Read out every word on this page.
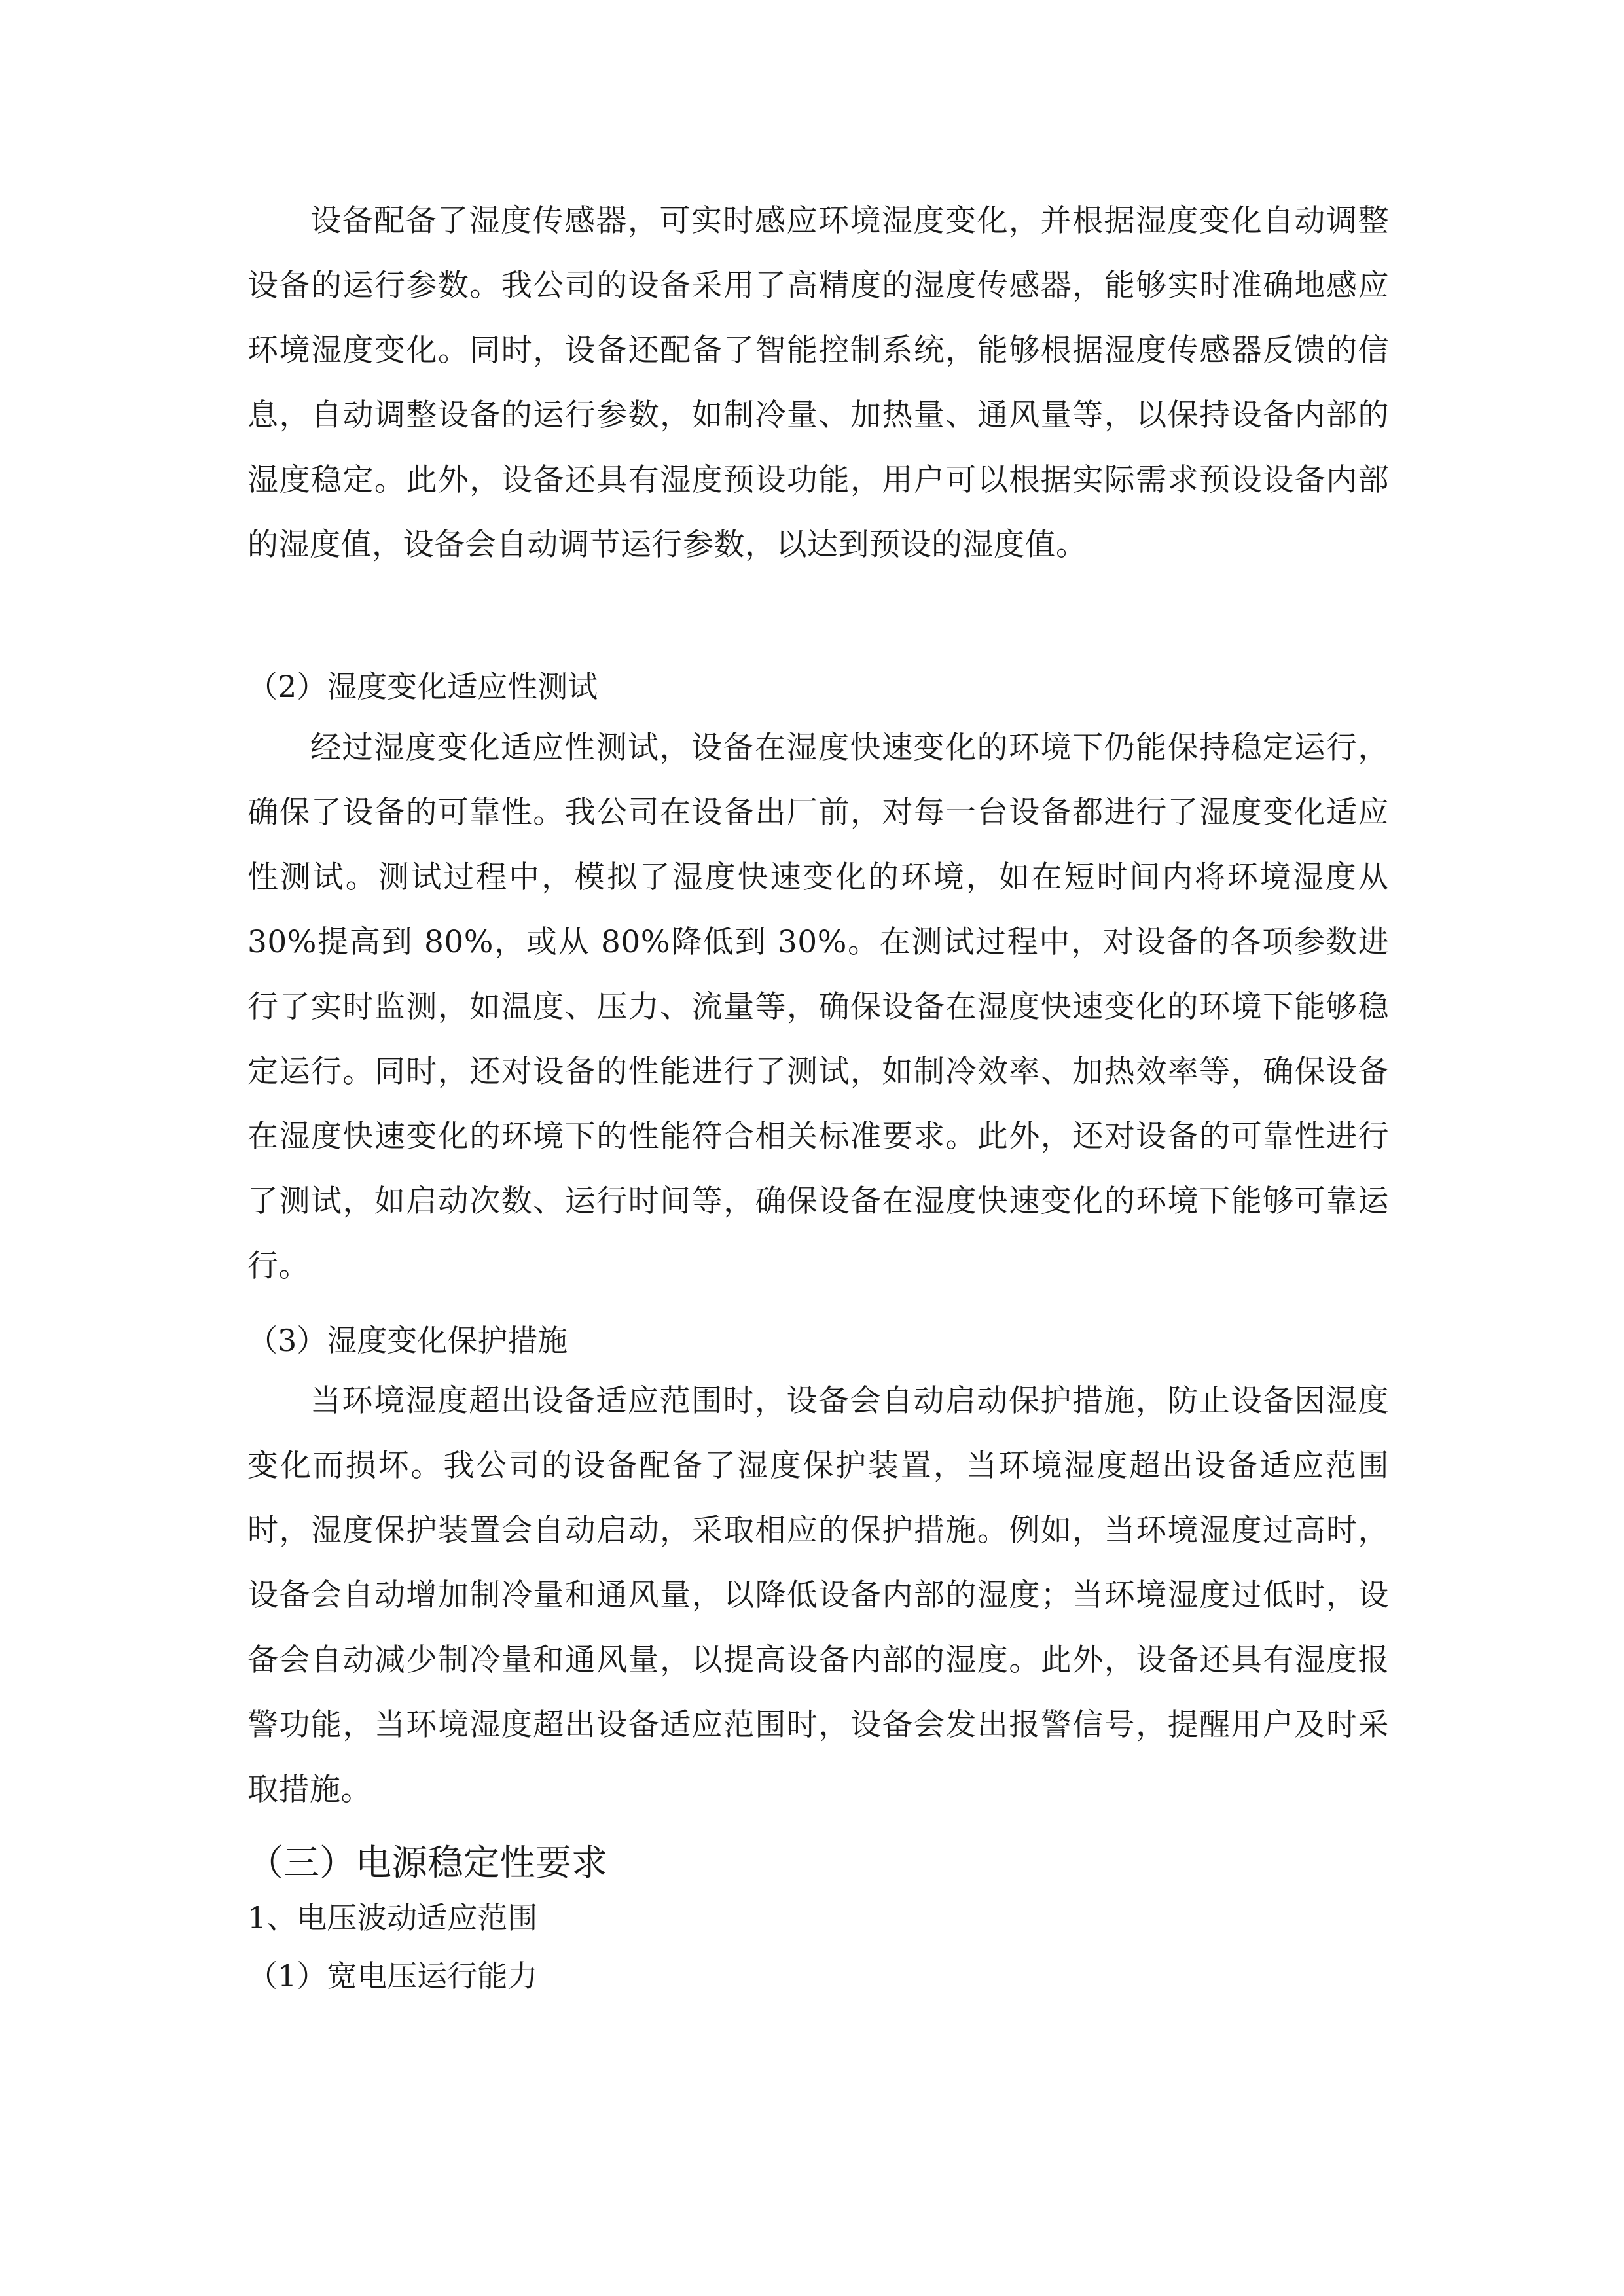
设备配备了湿度传感器，可实时感应环境湿度变化，并根据湿度变化自动调整设备的运行参数。我公司的设备采用了高精度的湿度传感器，能够实时准确地感应环境湿度变化。同时，设备还配备了智能控制系统，能够根据湿度传感器反馈的信息，自动调整设备的运行参数，如制冷量、加热量、通风量等，以保持设备内部的湿度稳定。此外，设备还具有湿度预设功能，用户可以根据实际需求预设设备内部的湿度值，设备会自动调节运行参数，以达到预设的湿度值。

（2）湿度变化适应性测试

经过湿度变化适应性测试，设备在湿度快速变化的环境下仍能保持稳定运行，确保了设备的可靠性。我公司在设备出厂前，对每一台设备都进行了湿度变化适应性测试。测试过程中，模拟了湿度快速变化的环境，如在短时间内将环境湿度从 30%提高到 80%，或从 80%降低到 30%。在测试过程中，对设备的各项参数进行了实时监测，如温度、压力、流量等，确保设备在湿度快速变化的环境下能够稳定运行。同时，还对设备的性能进行了测试，如制冷效率、加热效率等，确保设备在湿度快速变化的环境下的性能符合相关标准要求。此外，还对设备的可靠性进行了测试，如启动次数、运行时间等，确保设备在湿度快速变化的环境下能够可靠运行。

（3）湿度变化保护措施

当环境湿度超出设备适应范围时，设备会自动启动保护措施，防止设备因湿度变化而损坏。我公司的设备配备了湿度保护装置，当环境湿度超出设备适应范围时，湿度保护装置会自动启动，采取相应的保护措施。例如，当环境湿度过高时，设备会自动增加制冷量和通风量，以降低设备内部的湿度；当环境湿度过低时，设备会自动减少制冷量和通风量，以提高设备内部的湿度。此外，设备还具有湿度报警功能，当环境湿度超出设备适应范围时，设备会发出报警信号，提醒用户及时采取措施。

（三）电源稳定性要求

1、电压波动适应范围

（1）宽电压运行能力
